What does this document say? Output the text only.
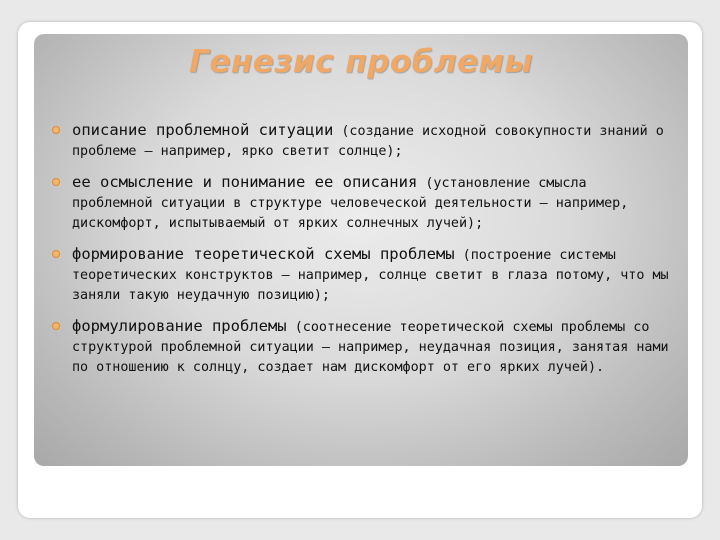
Генезис проблемы
описание проблемной ситуации (создание исходной совокупности знаний о проблеме – например, ярко светит солнце);
ее осмысление и понимание ее описания (установление смысла проблемной ситуации в структуре человеческой деятельности – например, дискомфорт, испытываемый от ярких солнечных лучей);
формирование теоретической схемы проблемы (построение системы теоретических конструктов – например, солнце светит в глаза потому, что мы заняли такую неудачную позицию);
формулирование проблемы (соотнесение теоретической схемы проблемы со структурой проблемной ситуации – например, неудачная позиция, занятая нами по отношению к солнцу, создает нам дискомфорт от его ярких лучей).
